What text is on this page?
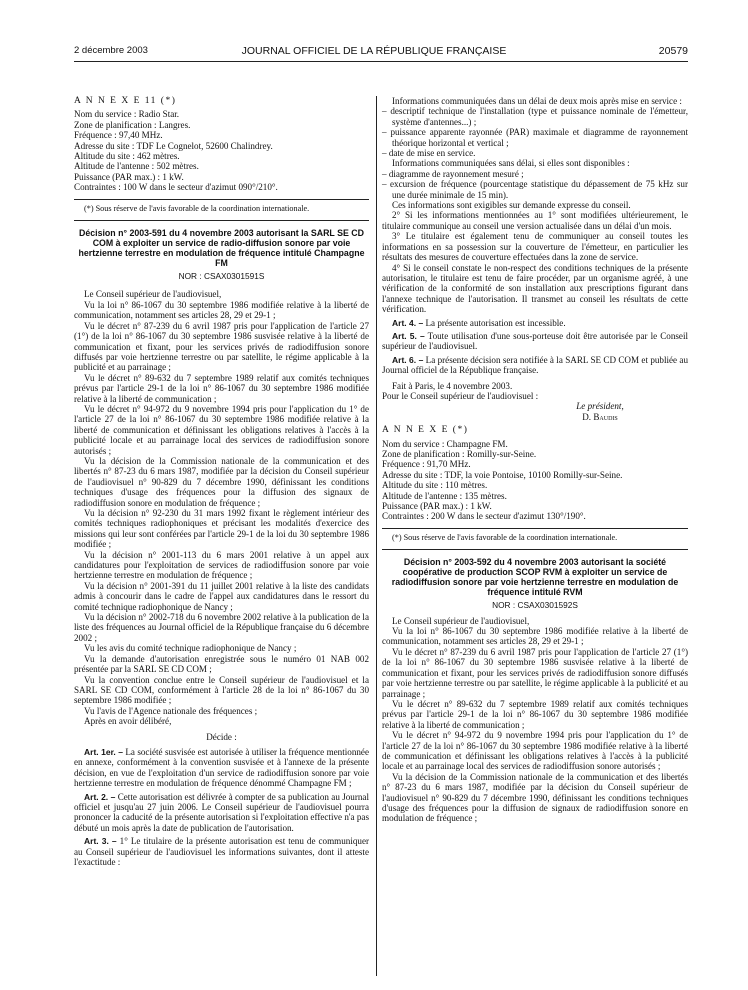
2 décembre 2003	JOURNAL OFFICIEL DE LA RÉPUBLIQUE FRANÇAISE	20579

A N N E X E 11 (*)

Nom du service : Radio Star.

Zone de planification : Langres.

Fréquence : 97,40 MHz.

Adresse du site : TDF Le Cognelot, 52600 Chalindrey.

Altitude du site : 462 mètres.

Altitude de l'antenne : 502 mètres.

Puissance (PAR max.) : 1 kW.

Contraintes : 100 W dans le secteur d'azimut 090°/210°.

(*) Sous réserve de l'avis favorable de la coordination internationale.

Décision n° 2003-591 du 4 novembre 2003 autorisant la SARL SE CD COM à exploiter un service de radio-diffusion sonore par voie hertzienne terrestre en modulation de fréquence intitulé Champagne FM

NOR : CSAX0301591S

Le Conseil supérieur de l'audiovisuel,

Vu la loi n° 86-1067 du 30 septembre 1986 modifiée relative à la liberté de communication, notamment ses articles 28, 29 et 29-1 ;

Vu le décret n° 87-239 du 6 avril 1987 pris pour l'application de l'article 27 (1°) de la loi n° 86-1067 du 30 septembre 1986 susvisée relative à la liberté de communication et fixant, pour les services privés de radiodiffusion sonore diffusés par voie hertzienne terrestre ou par satellite, le régime applicable à la publicité et au parrainage ;

Vu le décret n° 89-632 du 7 septembre 1989 relatif aux comités techniques prévus par l'article 29-1 de la loi n° 86-1067 du 30 septembre 1986 modifiée relative à la liberté de communication ;

Vu le décret n° 94-972 du 9 novembre 1994 pris pour l'application du 1° de l'article 27 de la loi n° 86-1067 du 30 septembre 1986 modifiée relative à la liberté de communication et définissant les obligations relatives à l'accès à la publicité locale et au parrainage local des services de radiodiffusion sonore autorisés ;

Vu la décision de la Commission nationale de la communication et des libertés n° 87-23 du 6 mars 1987, modifiée par la décision du Conseil supérieur de l'audiovisuel n° 90-829 du 7 décembre 1990, définissant les conditions techniques d'usage des fréquences pour la diffusion des signaux de radiodiffusion sonore en modulation de fréquence ;

Vu la décision n° 92-230 du 31 mars 1992 fixant le règlement intérieur des comités techniques radiophoniques et précisant les modalités d'exercice des missions qui leur sont conférées par l'article 29-1 de la loi du 30 septembre 1986 modifiée ;

Vu la décision n° 2001-113 du 6 mars 2001 relative à un appel aux candidatures pour l'exploitation de services de radiodiffusion sonore par voie hertzienne terrestre en modulation de fréquence ;

Vu la décision n° 2001-391 du 11 juillet 2001 relative à la liste des candidats admis à concourir dans le cadre de l'appel aux candidatures dans le ressort du comité technique radiophonique de Nancy ;

Vu la décision n° 2002-718 du 6 novembre 2002 relative à la publication de la liste des fréquences au Journal officiel de la République française du 6 décembre 2002 ;

Vu les avis du comité technique radiophonique de Nancy ;

Vu la demande d'autorisation enregistrée sous le numéro 01 NAB 002 présentée par la SARL SE CD COM ;

Vu la convention conclue entre le Conseil supérieur de l'audiovisuel et la SARL SE CD COM, conformément à l'article 28 de la loi n° 86-1067 du 30 septembre 1986 modifiée ;

Vu l'avis de l'Agence nationale des fréquences ;

Après en avoir délibéré,

Décide :

Art. 1er. – La société susvisée est autorisée à utiliser la fréquence mentionnée en annexe, conformément à la convention susvisée et à l'annexe de la présente décision, en vue de l'exploitation d'un service de radiodiffusion sonore par voie hertzienne terrestre en modulation de fréquence dénommé Champagne FM ;

Art. 2. – Cette autorisation est délivrée à compter de sa publication au Journal officiel et jusqu'au 27 juin 2006. Le Conseil supérieur de l'audiovisuel pourra prononcer la caducité de la présente autorisation si l'exploitation effective n'a pas débuté un mois après la date de publication de l'autorisation.

Art. 3. – 1° Le titulaire de la présente autorisation est tenu de communiquer au Conseil supérieur de l'audiovisuel les informations suivantes, dont il atteste l'exactitude :

Informations communiquées dans un délai de deux mois après mise en service :

– descriptif technique de l'installation (type et puissance nominale de l'émetteur, système d'antennes...) ;

– puissance apparente rayonnée (PAR) maximale et diagramme de rayonnement théorique horizontal et vertical ;

– date de mise en service.

Informations communiquées sans délai, si elles sont disponibles :

– diagramme de rayonnement mesuré ;

– excursion de fréquence (pourcentage statistique du dépassement de 75 kHz sur une durée minimale de 15 min).

Ces informations sont exigibles sur demande expresse du conseil.

2° Si les informations mentionnées au 1° sont modifiées ultérieurement, le titulaire communique au conseil une version actualisée dans un délai d'un mois.

3° Le titulaire est également tenu de communiquer au conseil toutes les informations en sa possession sur la couverture de l'émetteur, en particulier les résultats des mesures de couverture effectuées dans la zone de service.

4° Si le conseil constate le non-respect des conditions techniques de la présente autorisation, le titulaire est tenu de faire procéder, par un organisme agréé, à une vérification de la conformité de son installation aux prescriptions figurant dans l'annexe technique de l'autorisation. Il transmet au conseil les résultats de cette vérification.

Art. 4. – La présente autorisation est incessible.

Art. 5. – Toute utilisation d'une sous-porteuse doit être autorisée par le Conseil supérieur de l'audiovisuel.

Art. 6. – La présente décision sera notifiée à la SARL SE CD COM et publiée au Journal officiel de la République française.

Fait à Paris, le 4 novembre 2003.

Pour le Conseil supérieur de l'audiovisuel :

Le président,

D. Baudis

A N N E X E (*)

Nom du service : Champagne FM.

Zone de planification : Romilly-sur-Seine.

Fréquence : 91,70 MHz.

Adresse du site : TDF, la voie Pontoise, 10100 Romilly-sur-Seine.

Altitude du site : 110 mètres.

Altitude de l'antenne : 135 mètres.

Puissance (PAR max.) : 1 kW.

Contraintes : 200 W dans le secteur d'azimut 130°/190°.

(*) Sous réserve de l'avis favorable de la coordination internationale.

Décision n° 2003-592 du 4 novembre 2003 autorisant la société coopérative de production SCOP RVM à exploiter un service de radiodiffusion sonore par voie hertzienne terrestre en modulation de fréquence intitulé RVM

NOR : CSAX0301592S

Le Conseil supérieur de l'audiovisuel,

Vu la loi n° 86-1067 du 30 septembre 1986 modifiée relative à la liberté de communication, notamment ses articles 28, 29 et 29-1 ;

Vu le décret n° 87-239 du 6 avril 1987 pris pour l'application de l'article 27 (1°) de la loi n° 86-1067 du 30 septembre 1986 susvisée relative à la liberté de communication et fixant, pour les services privés de radiodiffusion sonore diffusés par voie hertzienne terrestre ou par satellite, le régime applicable à la publicité et au parrainage ;

Vu le décret n° 89-632 du 7 septembre 1989 relatif aux comités techniques prévus par l'article 29-1 de la loi n° 86-1067 du 30 septembre 1986 modifiée relative à la liberté de communication ;

Vu le décret n° 94-972 du 9 novembre 1994 pris pour l'application du 1° de l'article 27 de la loi n° 86-1067 du 30 septembre 1986 modifiée relative à la liberté de communication et définissant les obligations relatives à l'accès à la publicité locale et au parrainage local des services de radiodiffusion sonore autorisés ;

Vu la décision de la Commission nationale de la communication et des libertés n° 87-23 du 6 mars 1987, modifiée par la décision du Conseil supérieur de l'audiovisuel n° 90-829 du 7 décembre 1990, définissant les conditions techniques d'usage des fréquences pour la diffusion de signaux de radiodiffusion sonore en modulation de fréquence ;
